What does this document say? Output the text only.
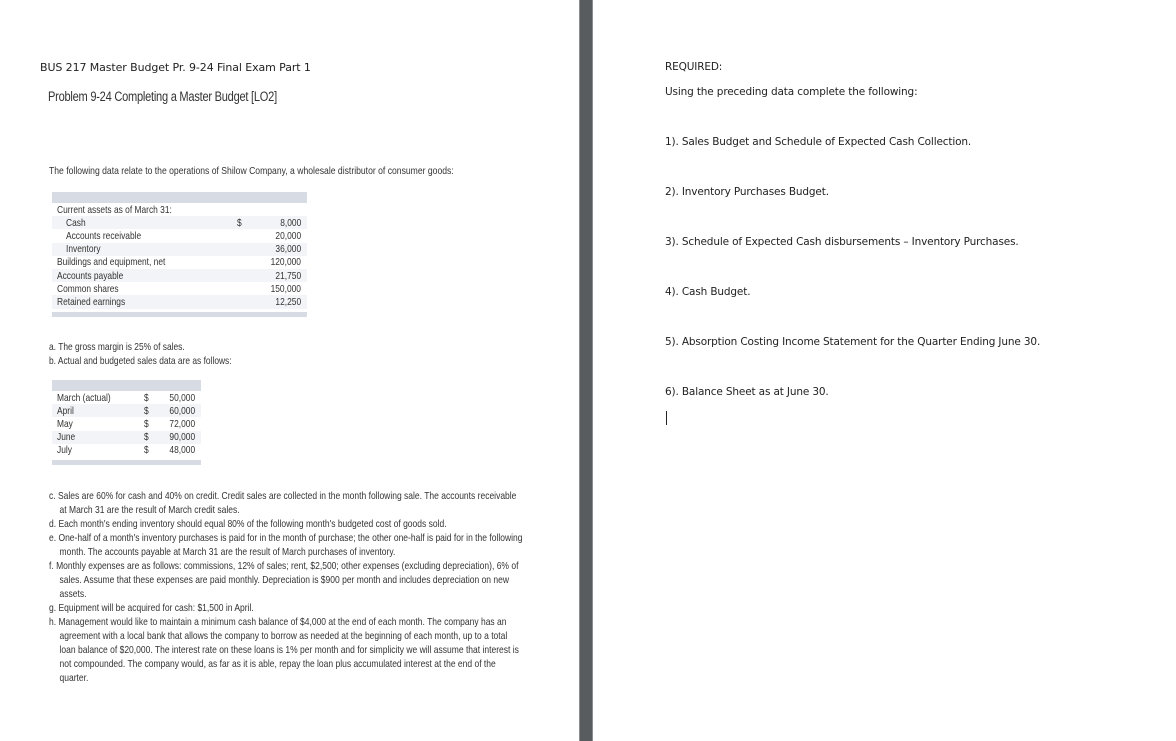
BUS 217 Master Budget Pr. 9-24 Final Exam Part 1
Problem 9-24 Completing a Master Budget [LO2]
The following data relate to the operations of Shilow Company, a wholesale distributor of consumer goods:
Current assets as of March 31:
Cash	$	8,000
Accounts receivable	20,000
Inventory	36,000
Buildings and equipment, net	120,000
Accounts payable	21,750
Common shares	150,000
Retained earnings	12,250
a. The gross margin is 25% of sales.
b. Actual and budgeted sales data are as follows:
March (actual)	$	50,000
April	$	60,000
May	$	72,000
June	$	90,000
July	$	48,000

c. Sales are 60% for cash and 40% on credit. Credit sales are collected in the month following sale. The accounts receivable at March 31 are the result of March credit sales.

d. Each month's ending inventory should equal 80% of the following month's budgeted cost of goods sold.

e. One-half of a month's inventory purchases is paid for in the month of purchase; the other one-half is paid for in the following month. The accounts payable at March 31 are the result of March purchases of inventory.

f. Monthly expenses are as follows: commissions, 12% of sales; rent, $2,500; other expenses (excluding depreciation), 6% of sales. Assume that these expenses are paid monthly. Depreciation is $900 per month and includes depreciation on new assets.

g. Equipment will be acquired for cash: $1,500 in April.

h. Management would like to maintain a minimum cash balance of $4,000 at the end of each month. The company has an agreement with a local bank that allows the company to borrow as needed at the beginning of each month, up to a total loan balance of $20,000. The interest rate on these loans is 1% per month and for simplicity we will assume that interest is not compounded. The company would, as far as it is able, repay the loan plus accumulated interest at the end of the quarter.

REQUIRED:
Using the preceding data complete the following:
1). Sales Budget and Schedule of Expected Cash Collection.
2). Inventory Purchases Budget.
3). Schedule of Expected Cash disbursements – Inventory Purchases.
4). Cash Budget.
5). Absorption Costing Income Statement for the Quarter Ending June 30.
6). Balance Sheet as at June 30.
